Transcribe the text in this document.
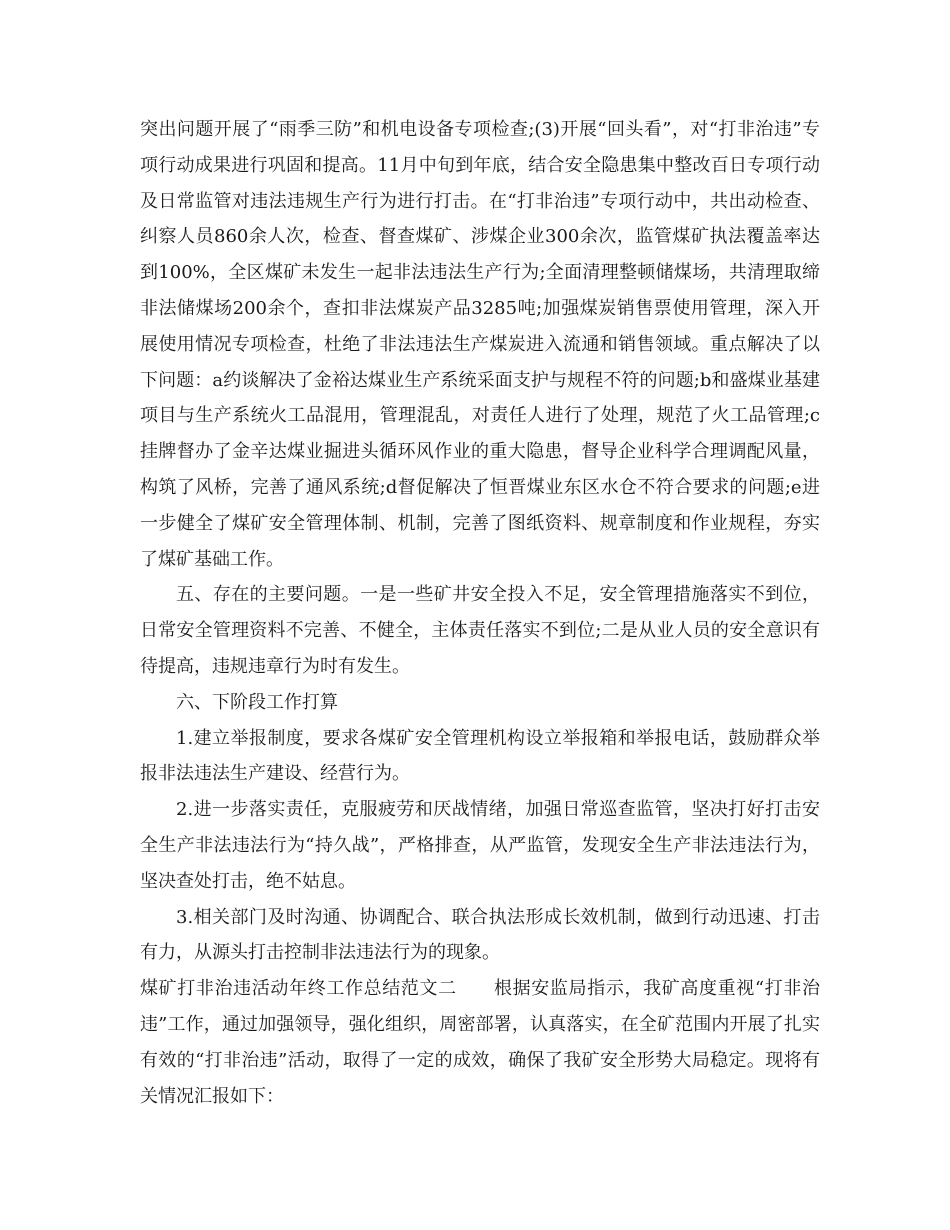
突出问题开展了“雨季三防”和机电设备专项检查;(3)开展“回头看”，对“打非治违”专项行动成果进行巩固和提高。11月中旬到年底，结合安全隐患集中整改百日专项行动及日常监管对违法违规生产行为进行打击。在“打非治违”专项行动中，共出动检查、纠察人员860余人次，检查、督查煤矿、涉煤企业300余次，监管煤矿执法覆盖率达到100%，全区煤矿未发生一起非法违法生产行为;全面清理整顿储煤场，共清理取缔非法储煤场200余个，查扣非法煤炭产品3285吨;加强煤炭销售票使用管理，深入开展使用情况专项检查，杜绝了非法违法生产煤炭进入流通和销售领域。重点解决了以下问题：a约谈解决了金裕达煤业生产系统采面支护与规程不符的问题;b和盛煤业基建项目与生产系统火工品混用，管理混乱，对责任人进行了处理，规范了火工品管理;c挂牌督办了金辛达煤业掘进头循环风作业的重大隐患，督导企业科学合理调配风量，构筑了风桥，完善了通风系统;d督促解决了恒晋煤业东区水仓不符合要求的问题;e进一步健全了煤矿安全管理体制、机制，完善了图纸资料、规章制度和作业规程，夯实了煤矿基础工作。

五、存在的主要问题。一是一些矿井安全投入不足，安全管理措施落实不到位，日常安全管理资料不完善、不健全，主体责任落实不到位;二是从业人员的安全意识有待提高，违规违章行为时有发生。

六、下阶段工作打算

1.建立举报制度，要求各煤矿安全管理机构设立举报箱和举报电话，鼓励群众举报非法违法生产建设、经营行为。

2.进一步落实责任，克服疲劳和厌战情绪，加强日常巡查监管，坚决打好打击安全生产非法违法行为“持久战”，严格排查，从严监管，发现安全生产非法违法行为，坚决查处打击，绝不姑息。

3.相关部门及时沟通、协调配合、联合执法形成长效机制，做到行动迅速、打击有力，从源头打击控制非法违法行为的现象。

煤矿打非治违活动年终工作总结范文二　　根据安监局指示，我矿高度重视“打非治违”工作，通过加强领导，强化组织，周密部署，认真落实，在全矿范围内开展了扎实有效的“打非治违”活动，取得了一定的成效，确保了我矿安全形势大局稳定。现将有关情况汇报如下：
